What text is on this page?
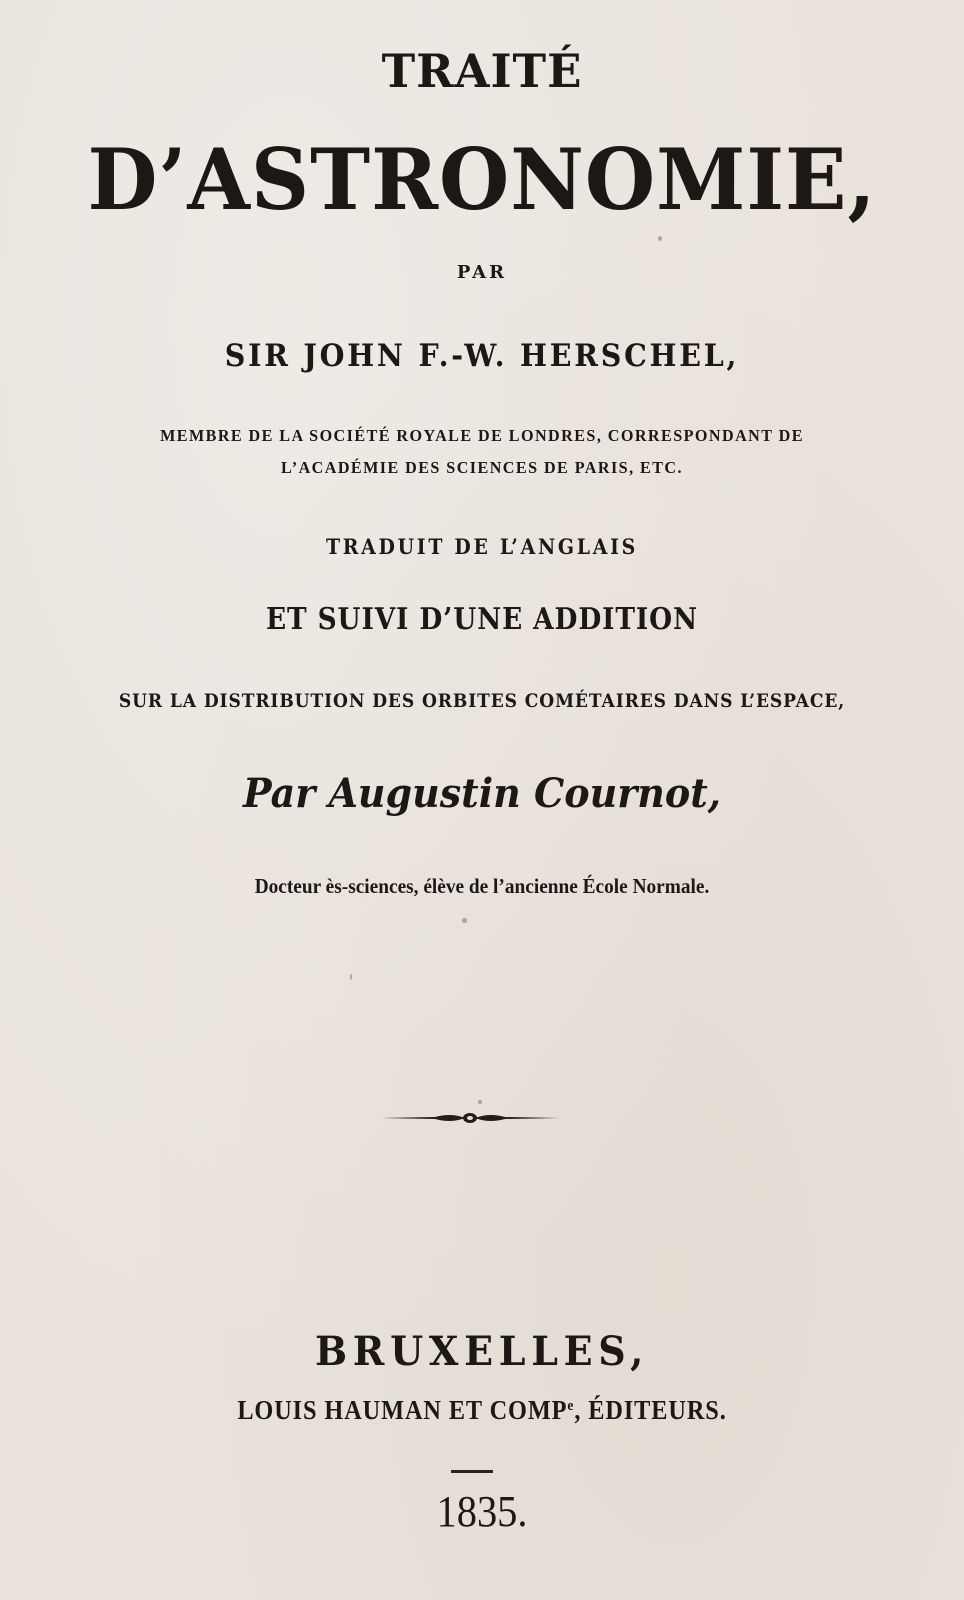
TRAITÉ

D’ASTRONOMIE,

PAR

SIR JOHN F.-W. HERSCHEL,

MEMBRE DE LA SOCIÉTÉ ROYALE DE LONDRES, CORRESPONDANT DE

L’ACADÉMIE DES SCIENCES DE PARIS, ETC.

TRADUIT DE L’ANGLAIS

ET SUIVI D’UNE ADDITION

SUR LA DISTRIBUTION DES ORBITES COMÉTAIRES DANS L’ESPACE,

Par Augustin Cournot,

Docteur ès-sciences, élève de l’ancienne École Normale.

BRUXELLES,

LOUIS HAUMAN ET COMP$^e$, ÉDITEURS.

1835.
